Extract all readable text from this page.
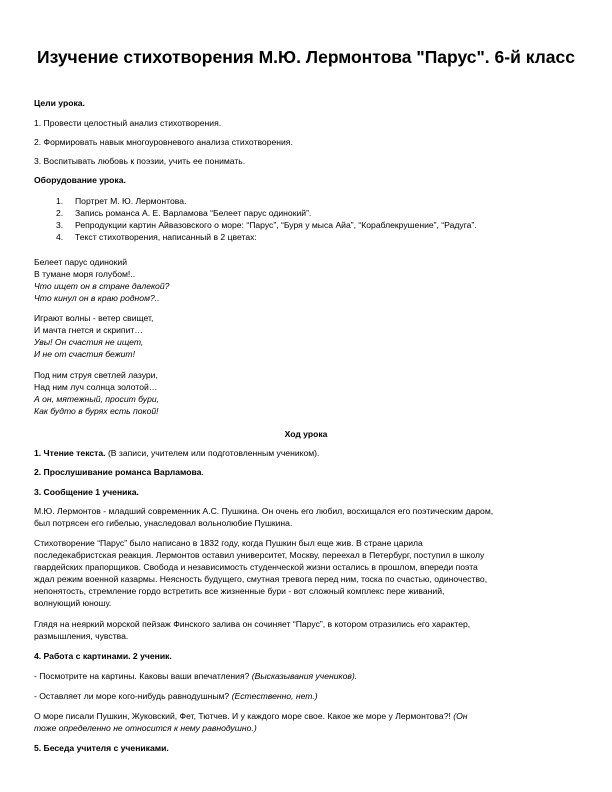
Изучение стихотворения М.Ю. Лермонтова "Парус". 6-й класс

Цели урока.

1. Провести целостный анализ стихотворения.

2. Формировать навык многоуровневого анализа стихотворения.

3. Воспитывать любовь к поэзии, учить ее понимать.

Оборудование урока.

1. Портрет М. Ю. Лермонтова.
2. Запись романса А. Е. Варламова “Белеет парус одинокий”.
3. Репродукции картин Айвазовского о море: “Парус”, “Буря у мыса Айа”, “Кораблекрушение”, “Радуга”.
4. Текст стихотворения, написанный в 2 цветах:

Белеет парус одинокий

В тумане моря голубом!..

Что ищет он в стране далекой?

Что кинул он в краю родном?..

Играют волны - ветер свищет,

И мачта гнется и скрипит…

Увы! Он счастия не ищет,

И не от счастия бежит!

Под ним струя светлей лазури,

Над ним луч солнца золотой…

А он, мятежный, просит бури,

Как будто в бурях есть покой!

Ход урока

1. Чтение текста. (В записи, учителем или подготовленным учеником).

2. Прослушивание романса Варламова.

3. Сообщение 1 ученика.

М.Ю. Лермонтов - младший современник А.С. Пушкина. Он очень его любил, восхищался его поэтическим даром,

был потрясен его гибелью, унаследовал вольнолюбие Пушкина.

Стихотворение “Парус” было написано в 1832 году, когда Пушкин был еще жив. В стране царила

последекабристская реакция. Лермонтов оставил университет, Москву, переехал в Петербург, поступил в школу

гвардейских прапорщиков. Свобода и независимость студенческой жизни остались в прошлом, впереди поэта

ждал режим военной казармы. Неясность будущего, смутная тревога перед ним, тоска по счастью, одиночество,

непонятость, стремление гордо встретить все жизненные бури - вот сложный комплекс пере живаний,

волнующий юношу.

Глядя на неяркий морской пейзаж Финского залива он сочиняет “Парус”, в котором отразились его характер,

размышления, чувства.

4. Работа с картинами. 2 ученик.

- Посмотрите на картины. Каковы ваши впечатления? (Высказывания учеников).

- Оставляет ли море кого-нибудь равнодушным? (Естественно, нет.)

О море писали Пушкин, Жуковский, Фет, Тютчев. И у каждого море свое. Какое же море у Лермонтова?! (Он

тоже определенно не относится к нему равнодушно.)

5. Беседа учителя с учениками.
